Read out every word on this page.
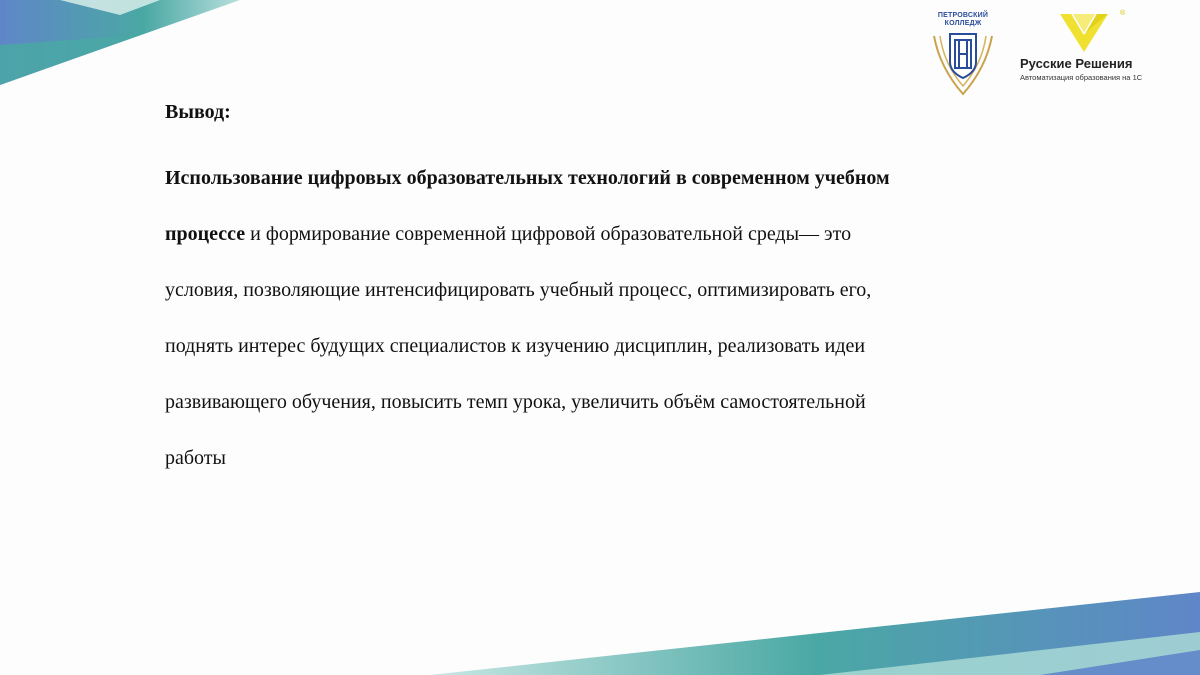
ПЕТРОВСКИЙ
КОЛЛЕДЖ
®
Русские Решения
Автоматизация образования на 1С
Вывод:

Использование цифровых образовательных технологий в современном учебном процессе и формирование современной цифровой образовательной среды— это условия, позволяющие интенсифицировать учебный процесс, оптимизировать его, поднять интерес будущих специалистов к изучению дисциплин, реализовать идеи развивающего обучения, повысить темп урока, увеличить объём самостоятельной работы
